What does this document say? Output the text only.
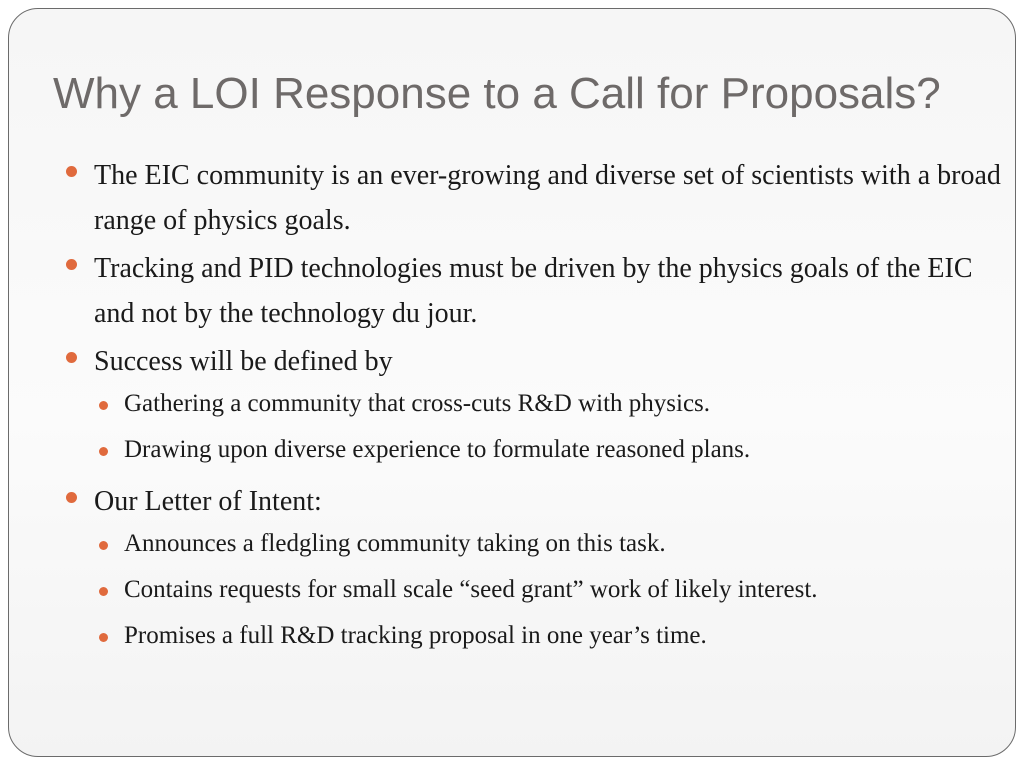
Why a LOI Response to a Call for Proposals?
The EIC community is an ever-growing and diverse set of scientists with a broad range of physics goals.
Tracking and PID technologies must be driven by the physics goals of the EIC and not by the technology du jour.
Success will be defined by
Gathering a community that cross-cuts R&D with physics.
Drawing upon diverse experience to formulate reasoned plans.
Our Letter of Intent:
Announces a fledgling community taking on this task.
Contains requests for small scale “seed grant” work of likely interest.
Promises a full R&D tracking proposal in one year’s time.
